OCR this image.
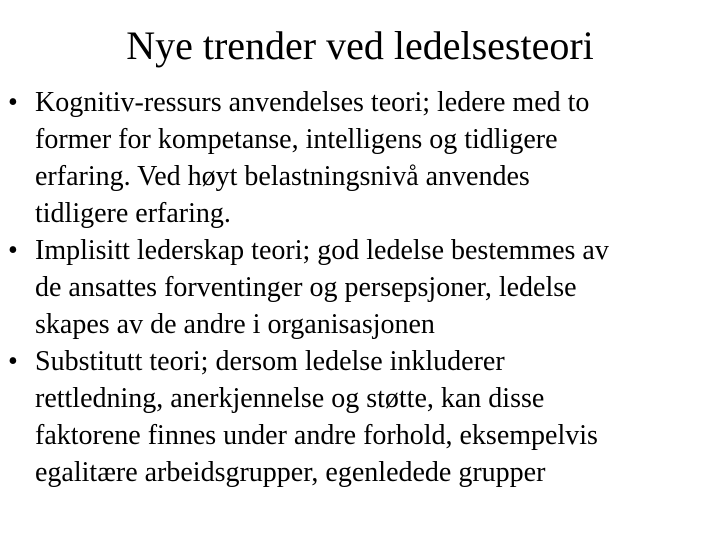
Nye trender ved ledelsesteori
• Kognitiv-ressurs anvendelses teori; ledere med to
former for kompetanse, intelligens og tidligere
erfaring. Ved høyt belastningsnivå anvendes
tidligere erfaring.
• Implisitt lederskap teori; god ledelse bestemmes av
de ansattes forventinger og persepsjoner, ledelse
skapes av de andre i organisasjonen
• Substitutt teori; dersom ledelse inkluderer
rettledning, anerkjennelse og støtte, kan disse
faktorene finnes under andre forhold, eksempelvis
egalitære arbeidsgrupper, egenledede grupper
